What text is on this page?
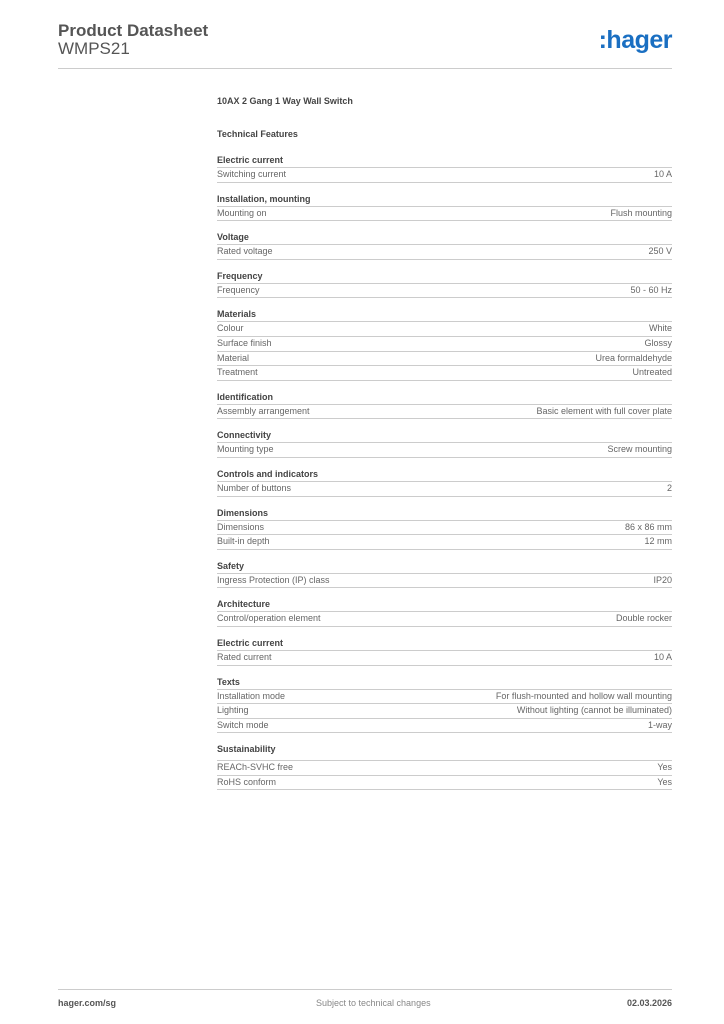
Product Datasheet
WMPS21	:hager
10AX 2 Gang 1 Way Wall Switch
Technical Features
Electric current
Switching current	10 A
Installation, mounting
Mounting on	Flush mounting
Voltage
Rated voltage	250 V
Frequency
Frequency	50 - 60 Hz
Materials
Colour	White
Surface finish	Glossy
Material	Urea formaldehyde
Treatment	Untreated
Identification
Assembly arrangement	Basic element with full cover plate
Connectivity
Mounting type	Screw mounting
Controls and indicators
Number of buttons	2
Dimensions
Dimensions	86 x 86 mm
Built-in depth	12 mm
Safety
Ingress Protection (IP) class	IP20
Architecture
Control/operation element	Double rocker
Electric current
Rated current	10 A
Texts
Installation mode	For flush-mounted and hollow wall mounting
Lighting	Without lighting (cannot be illuminated)
Switch mode	1-way
Sustainability
REACh-SVHC free	Yes
RoHS conform	Yes
hager.com/sg	Subject to technical changes	02.03.2026
